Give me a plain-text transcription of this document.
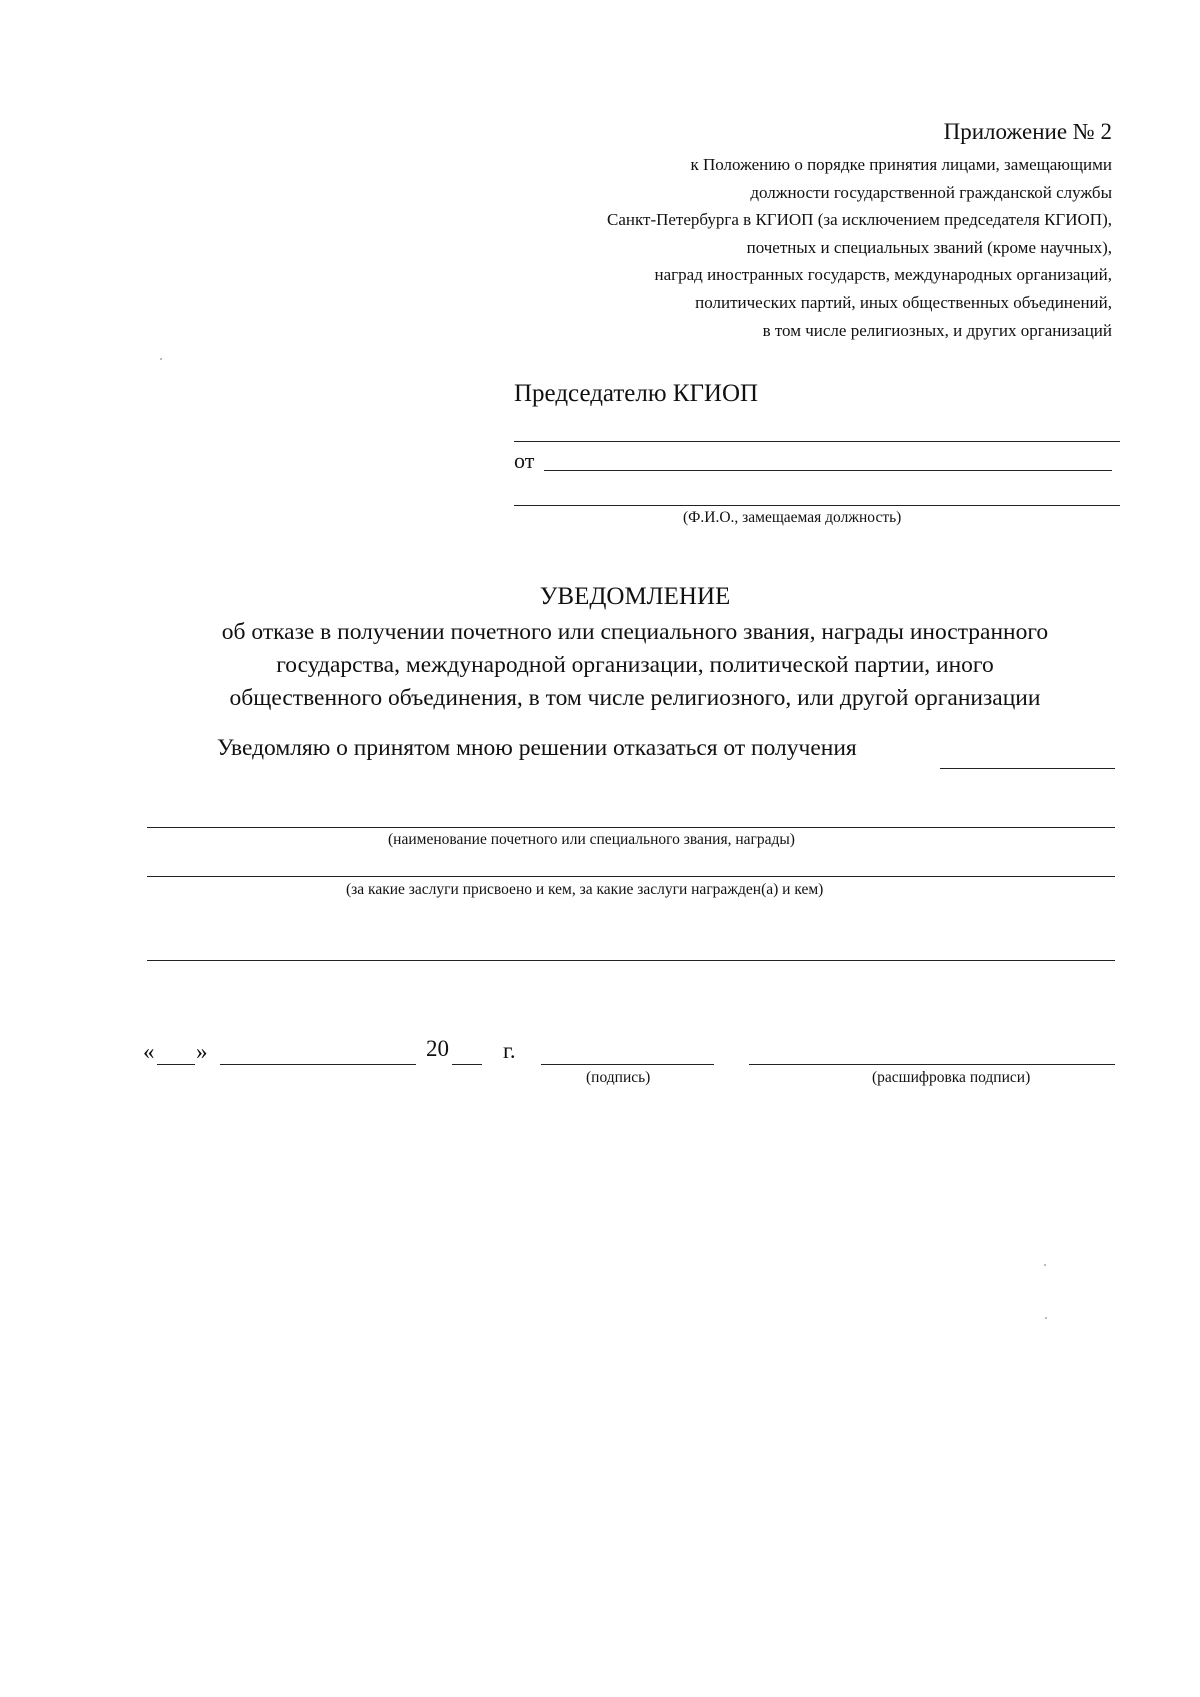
Приложение № 2
к Положению о порядке принятия лицами, замещающими
должности государственной гражданской службы
Санкт-Петербурга в КГИОП (за исключением председателя КГИОП),
почетных и специальных званий (кроме научных),
наград иностранных государств, международных организаций,
политических партий, иных общественных объединений,
в том числе религиозных, и других организаций
Председателю КГИОП
от
(Ф.И.О., замещаемая должность)
УВЕДОМЛЕНИЕ
об отказе в получении почетного или специального звания, награды иностранного
государства, международной организации, политической партии, иного
общественного объединения, в том числе религиозного, или другой организации
Уведомляю о принятом мною решении отказаться от получения
(наименование почетного или специального звания, награды)
(за какие заслуги присвоено и кем, за какие заслуги награжден(а) и кем)
« »	20 г.
(подпись)	(расшифровка подписи)
